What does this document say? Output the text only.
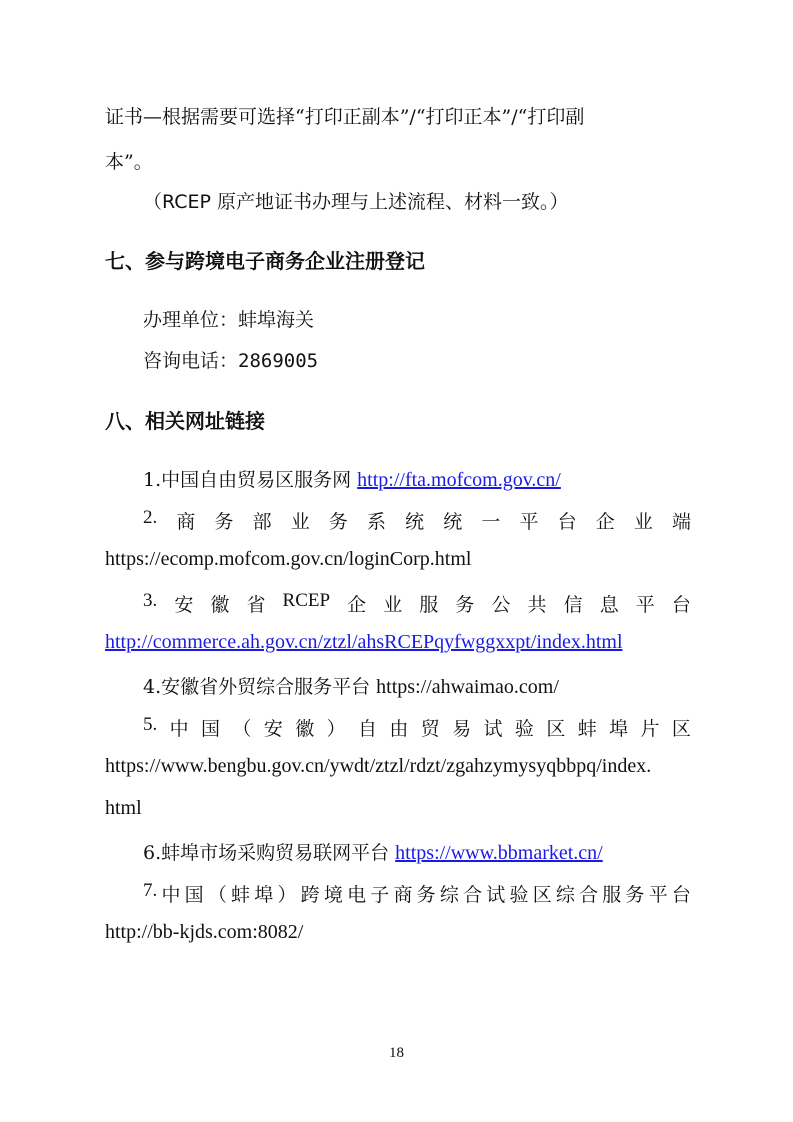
证书—根据需要可选择“打印正副本”/“打印正本”/“打印副

本”。

（RCEP 原产地证书办理与上述流程、材料一致。）

七、参与跨境电子商务企业注册登记

办理单位：蚌埠海关

咨询电话：2869005

八、相关网址链接

1.中国自由贸易区服务网 http://fta.mofcom.gov.cn/

2. 商 务 部 业 务 系 统 统 一 平 台 企 业 端

https://ecomp.mofcom.gov.cn/loginCorp.html

3. 安 徽 省 RCEP 企 业 服 务 公 共 信 息 平 台

http://commerce.ah.gov.cn/ztzl/ahsRCEPqyfwggxxpt/index.html

4.安徽省外贸综合服务平台 https://ahwaimao.com/

5. 中 国 （ 安 徽 ） 自 由 贸 易 试 验 区 蚌 埠 片 区

https://www.bengbu.gov.cn/ywdt/ztzl/rdzt/zgahzymysyqbbpq/index.

html

6.蚌埠市场采购贸易联网平台 https://www.bbmarket.cn/

7. 中 国 （ 蚌 埠 ） 跨 境 电 子 商 务 综 合 试 验 区 综 合 服 务 平 台

http://bb-kjds.com:8082/

18
